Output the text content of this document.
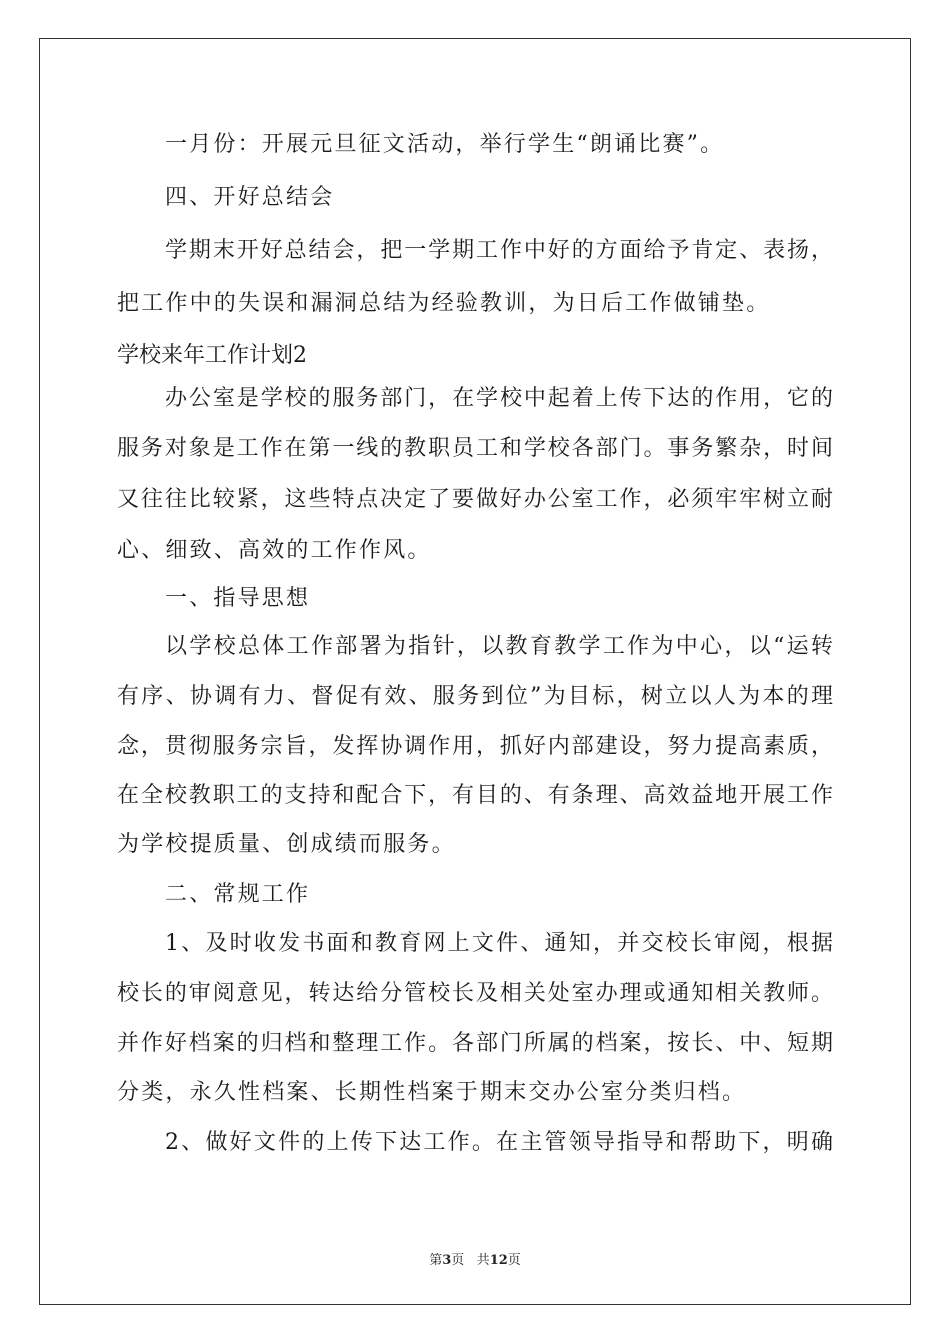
一月份：开展元旦征文活动，举行学生“朗诵比赛”。
四、开好总结会
学期末开好总结会，把一学期工作中好的方面给予肯定、表扬，
把工作中的失误和漏洞总结为经验教训，为日后工作做铺垫。
学校来年工作计划2
办公室是学校的服务部门，在学校中起着上传下达的作用，它的
服务对象是工作在第一线的教职员工和学校各部门。事务繁杂，时间
又往往比较紧，这些特点决定了要做好办公室工作，必须牢牢树立耐
心、细致、高效的工作作风。
一、指导思想
以学校总体工作部署为指针，以教育教学工作为中心，以“运转
有序、协调有力、督促有效、服务到位”为目标，树立以人为本的理
念，贯彻服务宗旨，发挥协调作用，抓好内部建设，努力提高素质，
在全校教职工的支持和配合下，有目的、有条理、高效益地开展工作
为学校提质量、创成绩而服务。
二、常规工作
1、及时收发书面和教育网上文件、通知，并交校长审阅，根据
校长的审阅意见，转达给分管校长及相关处室办理或通知相关教师。
并作好档案的归档和整理工作。各部门所属的档案，按长、中、短期
分类，永久性档案、长期性档案于期末交办公室分类归档。
2、做好文件的上传下达工作。在主管领导指导和帮助下，明确
第3页 共12页
